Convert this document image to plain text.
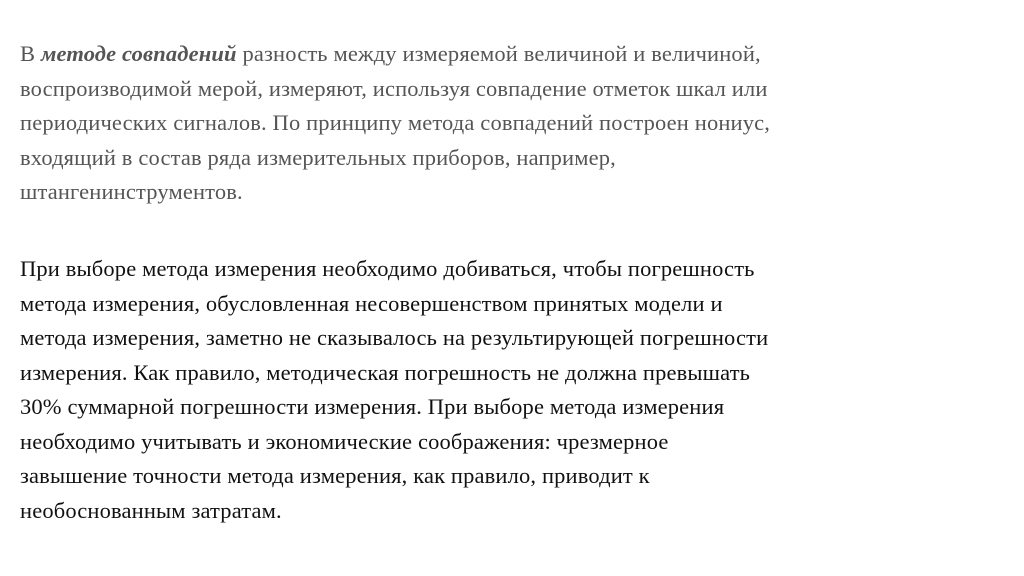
В методе совпадений разность между измеряемой величиной и величиной,
воспроизводимой мерой, измеряют, используя совпадение отметок шкал или
периодических сигналов. По принципу метода совпадений построен нониус,
входящий в состав ряда измерительных приборов, например,
штангенинструментов.

При выборе метода измерения необходимо добиваться, чтобы погрешность
метода измерения, обусловленная несовершенством принятых модели и
метода измерения, заметно не сказывалось на результирующей погрешности
измерения. Как правило, методическая погрешность не должна превышать
30% суммарной погрешности измерения. При выборе метода измерения
необходимо учитывать и экономические соображения: чрезмерное
завышение точности метода измерения, как правило, приводит к
необоснованным затратам.
